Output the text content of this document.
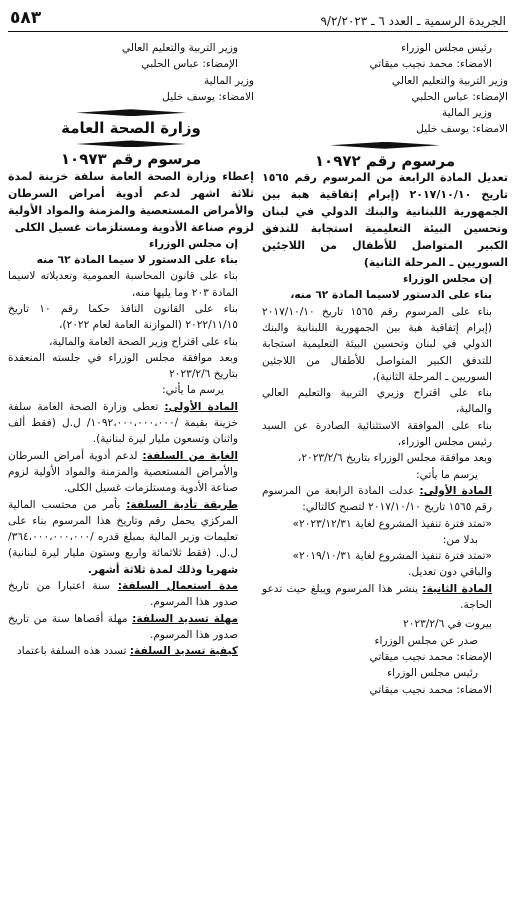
الجريدة الرسمية ـ العدد ٦ ـ ٩/٢/٢٠٢٣
٥٨٣

رئيس مجلس الوزراء

الامضاء: محمد نجيب ميقاتي

وزير التربية والتعليم العالي

الإمضاء: عباس الحلبي

وزير المالية

الامضاء: يوسف خليل

مرسوم رقم ١٠٩٧٢

تعديل المادة الرابعة من المرسوم رقم ١٥٦٥ تاريخ ٢٠١٧/١٠/١٠ (إبرام إتفاقية هبة بين الجمهورية اللبنانية والبنك الدولي في لبنان وتحسين البيئة التعليمية استجابة للتدفق الكبير المتواصل للأطفال من اللاجئين السوريين ـ المرحلة الثانية)

إن مجلس الوزراء

بناء على الدستور لاسيما المادة ٦٢ منه،

بناء على المرسوم رقم ١٥٦٥ تاريخ ٢٠١٧/١٠/١٠ (إبرام إتفاقية هبة بين الجمهورية اللبنانية والبنك الدولي في لبنان وتحسين البيئة التعليمية استجابة للتدفق الكبير المتواصل للأطفال من اللاجئين السوريين ـ المرحلة الثانية)،

بناء على اقتراح وزيري التربية والتعليم العالي والمالية،

بناء على الموافقة الاستثنائية الصادرة عن السيد رئيس مجلس الوزراء،

وبعد موافقة مجلس الوزراء بتاريخ ٢٠٢٣/٢/٦،

يرسم ما يأتي:

المادة الأولى: عدلت المادة الرابعة من المرسوم رقم ١٥٦٥ تاريخ ٢٠١٧/١٠/١٠ لتصبح كالتالي:

«تمتد فترة تنفيذ المشروع لغاية ٢٠٢٣/١٢/٣١»

بدلا من:

«تمتد فترة تنفيذ المشروع لغاية ٢٠١٩/١٠/٣١»

والباقي دون تعديل.

المادة الثانية: ينشر هذا المرسوم ويبلغ حيث تدعو الحاجة.

بيروت في ٢٠٢٣/٢/٦

صدر عن مجلس الوزراء

الإمضاء: محمد نجيب ميقاتي

رئيس مجلس الوزراء

الامضاء: محمد نجيب ميقاتي

وزير التربية والتعليم العالي

الإمضاء: عباس الحلبي

وزير المالية

الامضاء: يوسف خليل

وزارة الصحة العامة

مرسوم رقم ١٠٩٧٣

إعطاء وزارة الصحة العامة سلفة خزينة لمدة ثلاثة اشهر لدعم أدوية أمراض السرطان والأمراض المستعصية والمزمنة والمواد الأولية لزوم صناعة الأدوية ومستلزمات غسيل الكلى

إن مجلس الوزراء

بناء على الدستور لا سيما المادة ٦٢ منه

بناء على قانون المحاسبة العمومية وتعديلاته لاسيما المادة ٢٠٣ وما يليها منه،

بناء على القانون النافذ حكما رقم ١٠ تاريخ ٢٠٢٢/١١/١٥ (الموازنة العامة لعام ٢٠٢٢)،

بناء على اقتراح وزير الصحة العامة والمالية،

وبعد موافقة مجلس الوزراء في جلسته المنعقدة بتاريخ ٢٠٢٣/٢/٦

يرسم ما يأتي:

المادة الأولى: تعطى وزارة الصحة العامة سلفة خزينة بقيمة /١٠٩٢،٠٠٠،٠٠٠،٠٠٠/ ل.ل (فقط ألف واثنان وتسعون مليار ليرة لبنانية).

الغاية من السلفة: لدعم أدوية أمراض السرطان والأمراض المستعصية والمزمنة والمواد الأولية لزوم صناعة الأدوية ومستلزمات غسيل الكلى.

طريقة تأدية السلفة: بأمر من محتسب المالية المركزي يحمل رقم وتاريخ هذا المرسوم بناء على تعليمات وزير المالية بمبلغ قدره /٣٦٤،٠٠٠،٠٠٠،٠٠٠/ل.ل. (فقط ثلاثمائة واربع وستون مليار ليرة لبنانية) شهريا وذلك لمدة ثلاثة أشهر.

مدة استعمال السلفة: سنة اعتبارا من تاريخ صدور هذا المرسوم.

مهلة تسديد السلفة: مهلة أقصاها سنة من تاريخ صدور هذا المرسوم.

كيفية تسديد السلفة: تسدد هذه السلفة باعتماد
